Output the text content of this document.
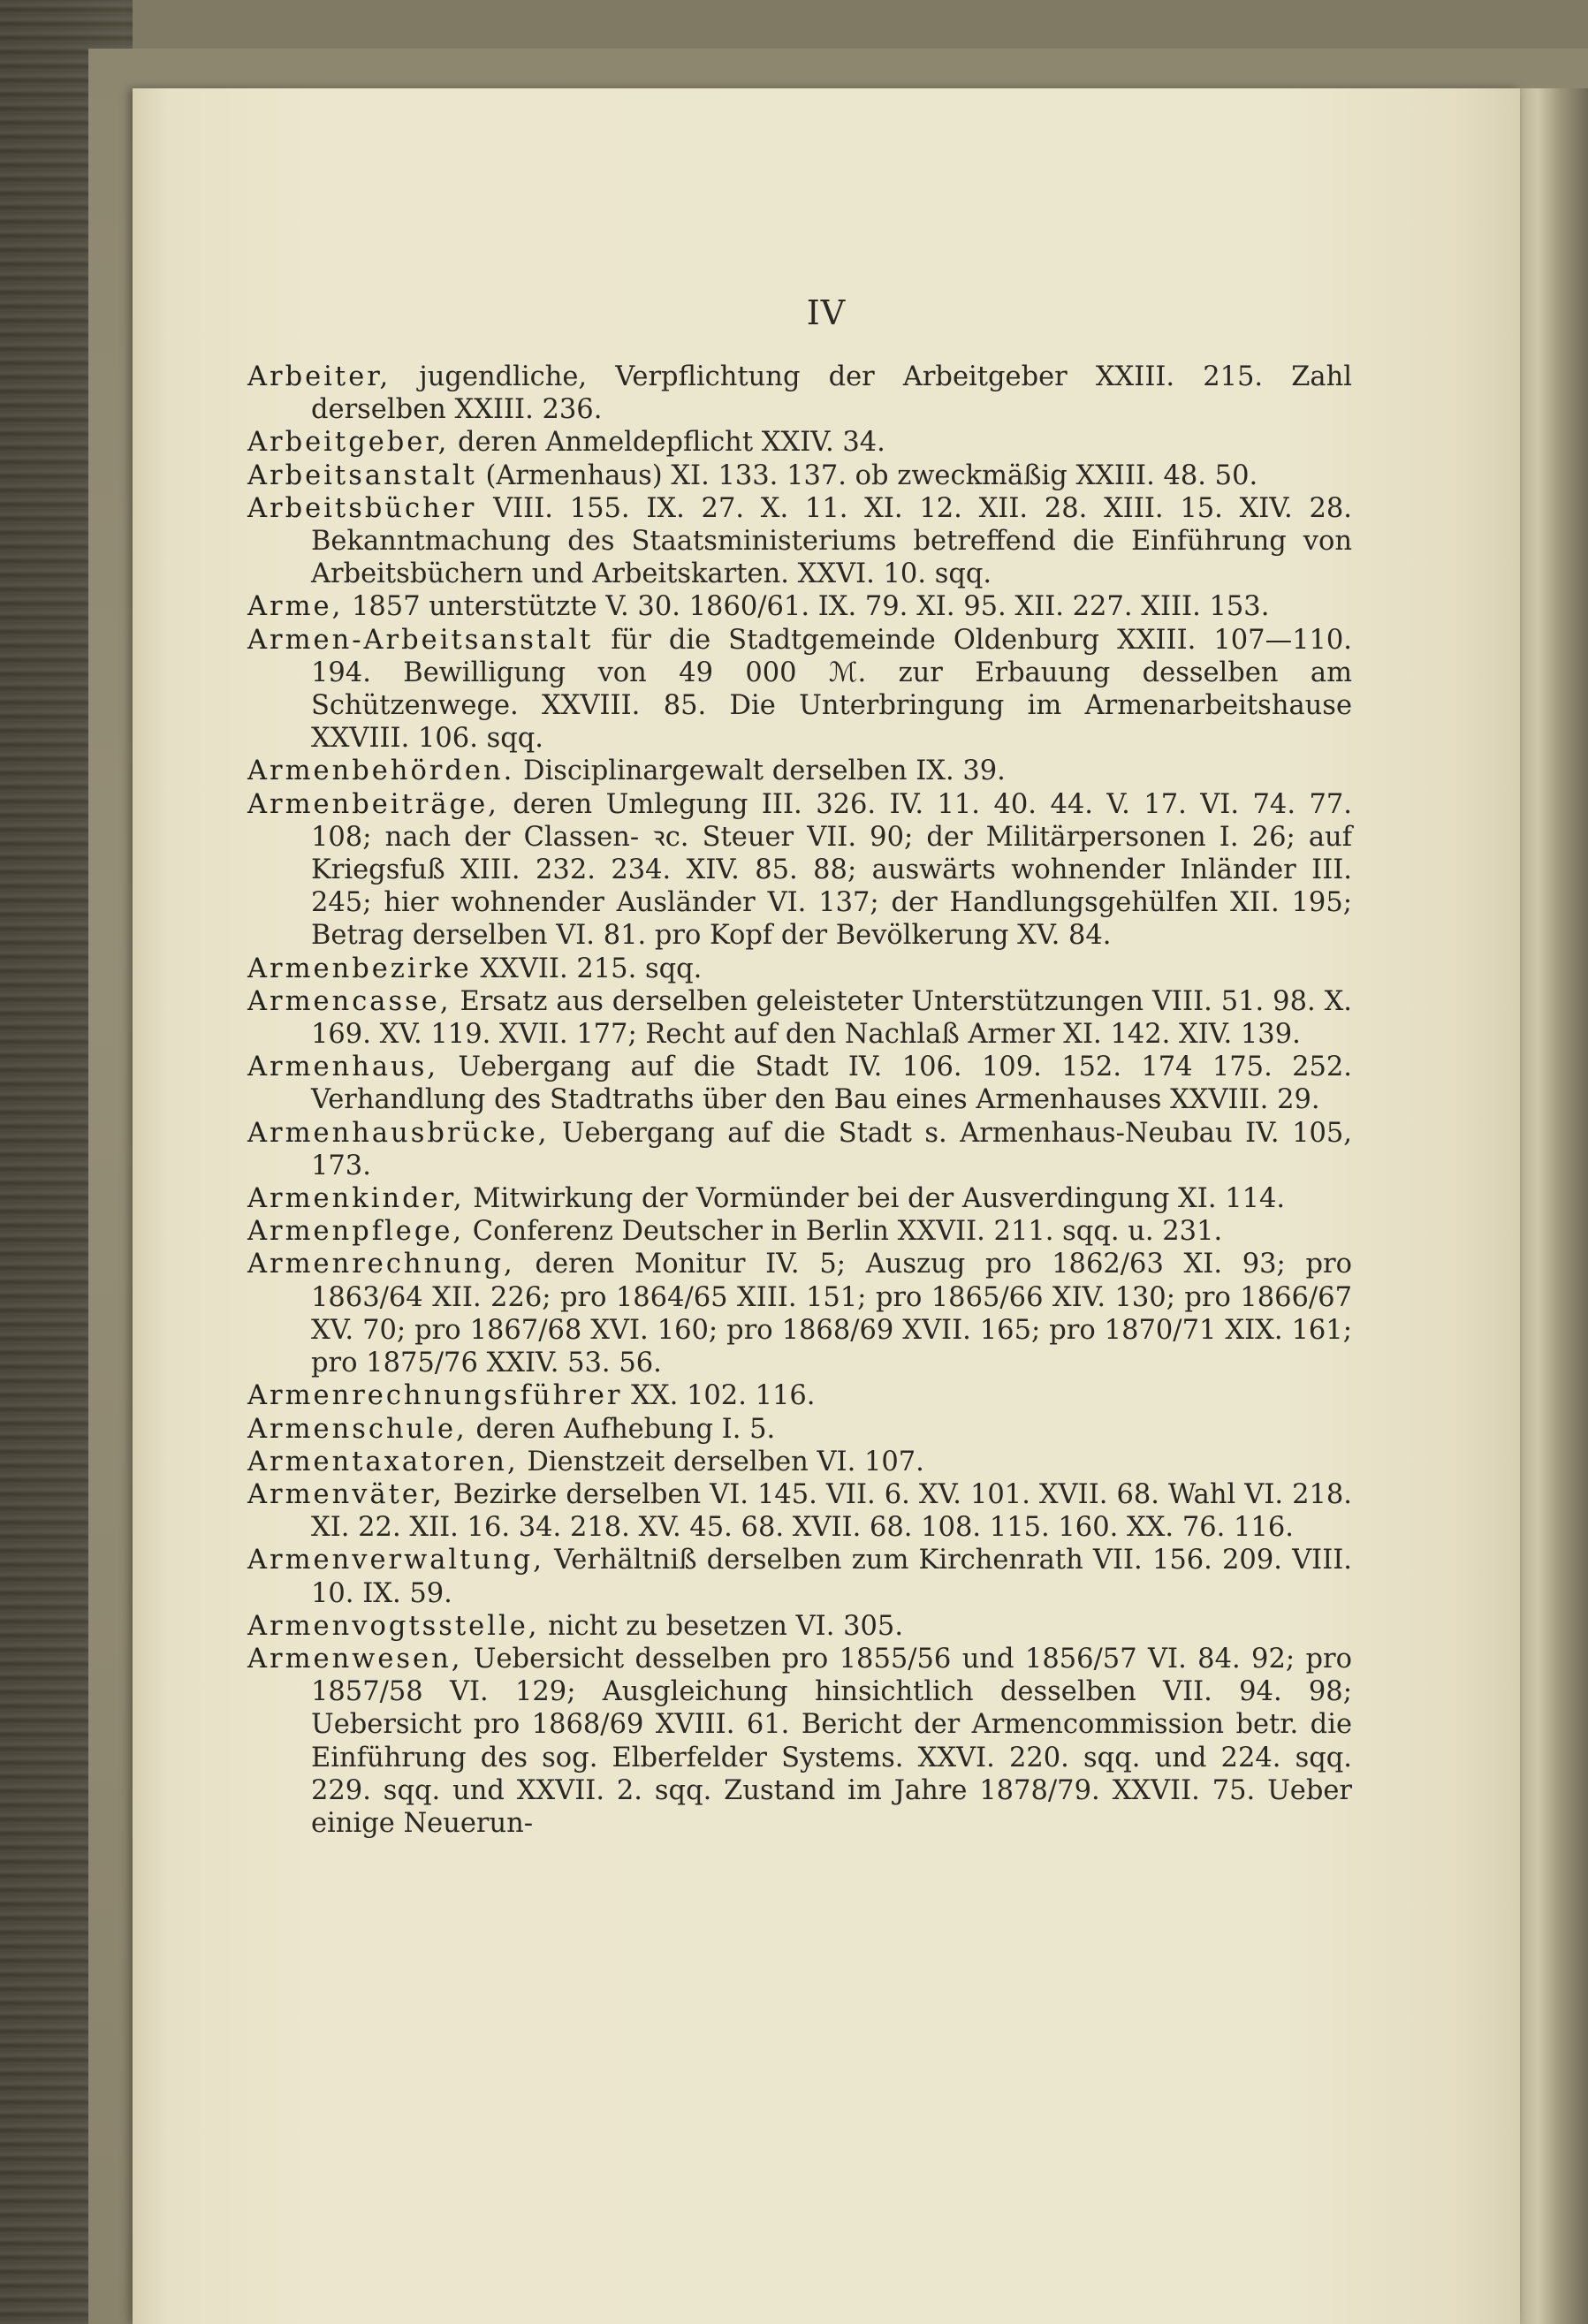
IV

Arbeiter, jugendliche, Verpflichtung der Arbeitgeber XXIII. 215. Zahl derselben XXIII. 236.

Arbeitgeber, deren Anmeldepflicht XXIV. 34.

Arbeitsanstalt (Armenhaus) XI. 133. 137. ob zweckmäßig XXIII. 48. 50.

Arbeitsbücher VIII. 155. IX. 27. X. 11. XI. 12. XII. 28. XIII. 15. XIV. 28. Bekanntmachung des Staatsministeriums betreffend die Einführung von Arbeitsbüchern und Arbeitskarten. XXVI. 10. sqq.

Arme, 1857 unterstützte V. 30. 1860/61. IX. 79. XI. 95. XII. 227. XIII. 153.

Armen-Arbeitsanstalt für die Stadtgemeinde Oldenburg XXIII. 107—110. 194. Bewilligung von 49 000 ℳ. zur Erbauung desselben am Schützenwege. XXVIII. 85. Die Unterbringung im Armenarbeitshause XXVIII. 106. sqq.

Armenbehörden. Disciplinargewalt derselben IX. 39.

Armenbeiträge, deren Umlegung III. 326. IV. 11. 40. 44. V. 17. VI. 74. 77. 108; nach der Classen- ꝛc. Steuer VII. 90; der Militärpersonen I. 26; auf Kriegsfuß XIII. 232. 234. XIV. 85. 88; auswärts wohnender Inländer III. 245; hier wohnender Ausländer VI. 137; der Handlungsgehülfen XII. 195; Betrag derselben VI. 81. pro Kopf der Bevölkerung XV. 84.

Armenbezirke XXVII. 215. sqq.

Armencasse, Ersatz aus derselben geleisteter Unterstützungen VIII. 51. 98. X. 169. XV. 119. XVII. 177; Recht auf den Nachlaß Armer XI. 142. XIV. 139.

Armenhaus, Uebergang auf die Stadt IV. 106. 109. 152. 174 175. 252. Verhandlung des Stadtraths über den Bau eines Armenhauses XXVIII. 29.

Armenhausbrücke, Uebergang auf die Stadt s. Armenhaus-Neubau IV. 105, 173.

Armenkinder, Mitwirkung der Vormünder bei der Ausverdingung XI. 114.

Armenpflege, Conferenz Deutscher in Berlin XXVII. 211. sqq. u. 231.

Armenrechnung, deren Monitur IV. 5; Auszug pro 1862/63 XI. 93; pro 1863/64 XII. 226; pro 1864/65 XIII. 151; pro 1865/66 XIV. 130; pro 1866/67 XV. 70; pro 1867/68 XVI. 160; pro 1868/69 XVII. 165; pro 1870/71 XIX. 161; pro 1875/76 XXIV. 53. 56.

Armenrechnungsführer XX. 102. 116.

Armenschule, deren Aufhebung I. 5.

Armentaxatoren, Dienstzeit derselben VI. 107.

Armenväter, Bezirke derselben VI. 145. VII. 6. XV. 101. XVII. 68. Wahl VI. 218. XI. 22. XII. 16. 34. 218. XV. 45. 68. XVII. 68. 108. 115. 160. XX. 76. 116.

Armenverwaltung, Verhältniß derselben zum Kirchenrath VII. 156. 209. VIII. 10. IX. 59.

Armenvogtsstelle, nicht zu besetzen VI. 305.

Armenwesen, Uebersicht desselben pro 1855/56 und 1856/57 VI. 84. 92; pro 1857/58 VI. 129; Ausgleichung hinsichtlich desselben VII. 94. 98; Uebersicht pro 1868/69 XVIII. 61. Bericht der Armencommission betr. die Einführung des sog. Elberfelder Systems. XXVI. 220. sqq. und 224. sqq. 229. sqq. und XXVII. 2. sqq. Zustand im Jahre 1878/79. XXVII. 75. Ueber einige Neuerun-
